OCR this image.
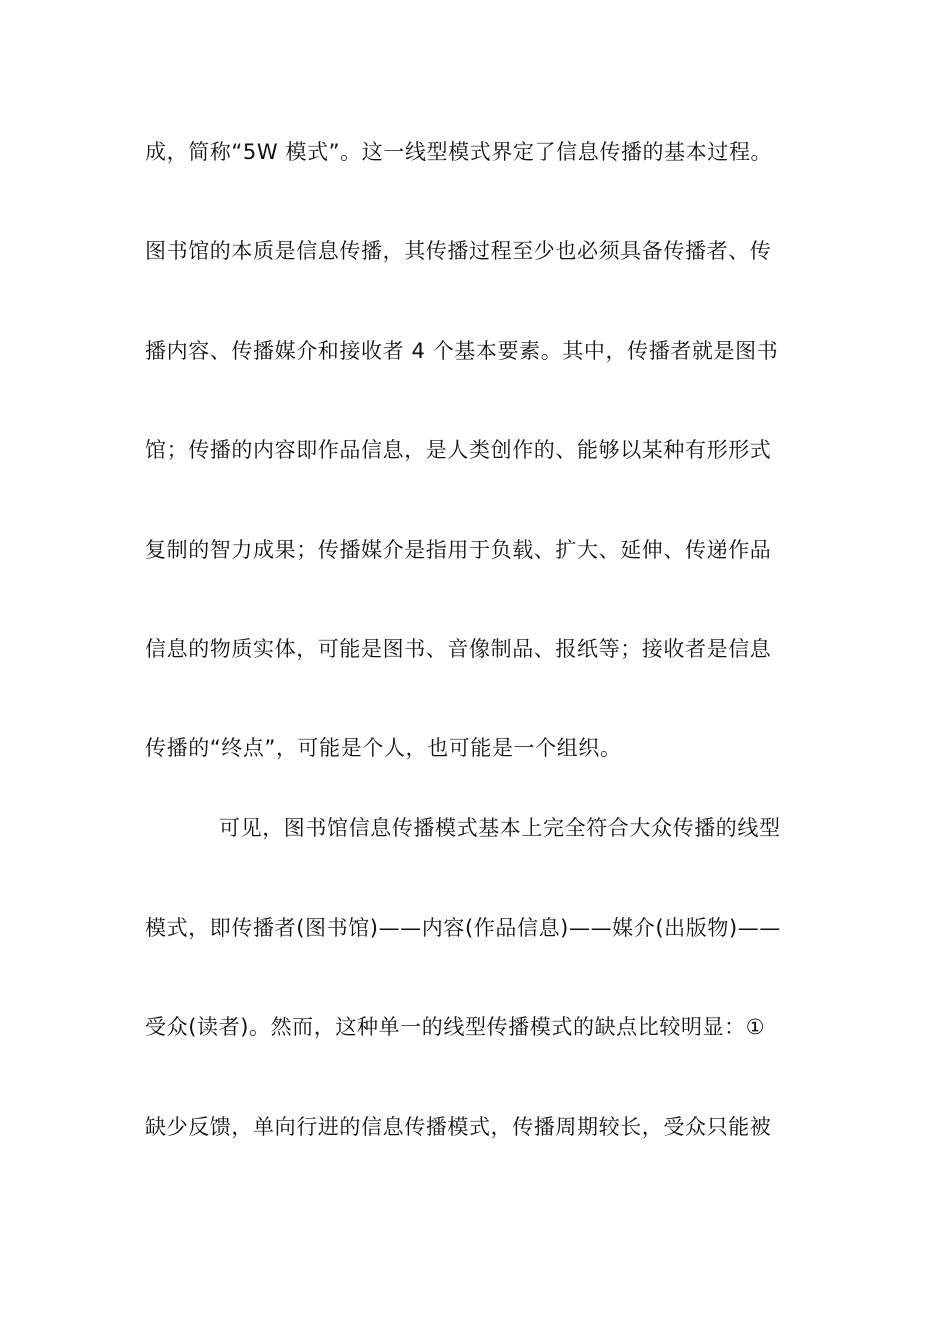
成，简称“5W 模式”。这一线型模式界定了信息传播的基本过程。
图书馆的本质是信息传播，其传播过程至少也必须具备传播者、传
播内容、传播媒介和接收者 4 个基本要素。其中，传播者就是图书
馆；传播的内容即作品信息，是人类创作的、能够以某种有形形式
复制的智力成果；传播媒介是指用于负载、扩大、延伸、传递作品
信息的物质实体，可能是图书、音像制品、报纸等；接收者是信息
传播的“终点”，可能是个人，也可能是一个组织。
可见，图书馆信息传播模式基本上完全符合大众传播的线型
模式，即传播者(图书馆)——内容(作品信息)——媒介(出版物)——
受众(读者)。然而，这种单一的线型传播模式的缺点比较明显：①
缺少反馈，单向行进的信息传播模式，传播周期较长，受众只能被
